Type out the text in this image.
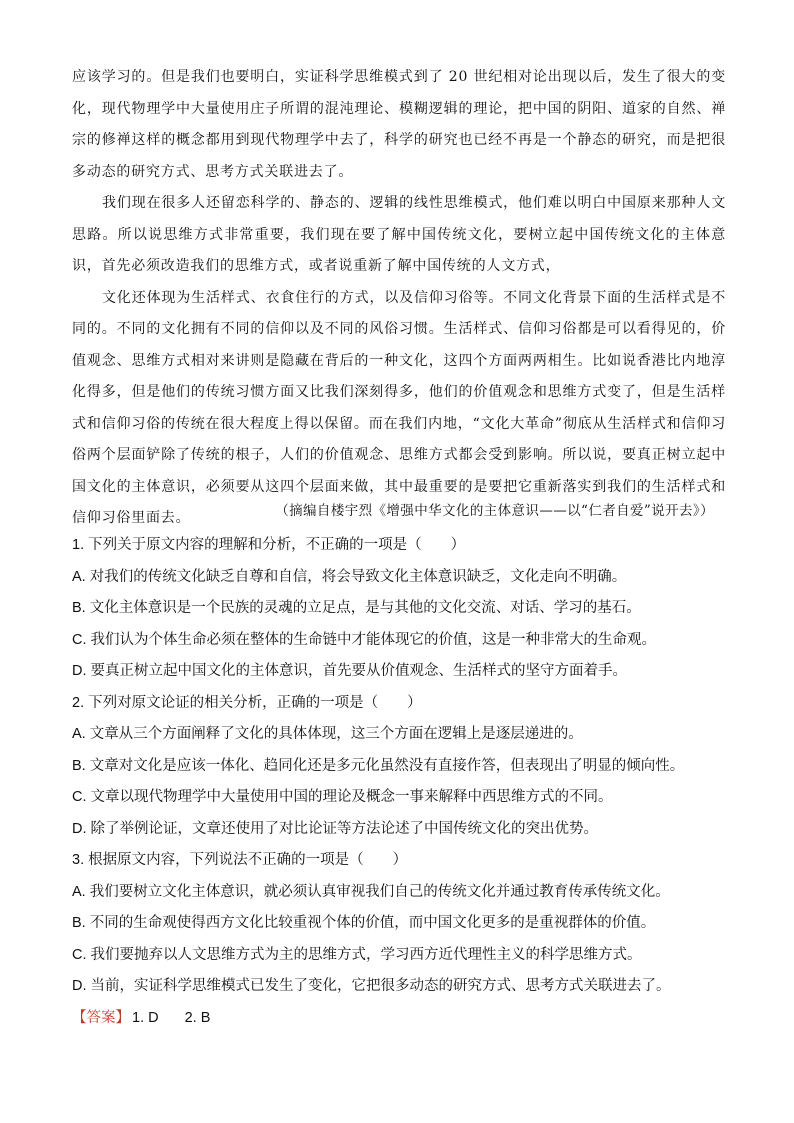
应该学习的。但是我们也要明白，实证科学思维模式到了 20 世纪相对论出现以后，发生了很大的变化，现代物理学中大量使用庄子所谓的混沌理论、模糊逻辑的理论，把中国的阴阳、道家的自然、禅宗的修禅这样的概念都用到现代物理学中去了，科学的研究也已经不再是一个静态的研究，而是把很多动态的研究方式、思考方式关联进去了。

我们现在很多人还留恋科学的、静态的、逻辑的线性思维模式，他们难以明白中国原来那种人文思路。所以说思维方式非常重要，我们现在要了解中国传统文化，要树立起中国传统文化的主体意识，首先必须改造我们的思维方式，或者说重新了解中国传统的人文方式，

文化还体现为生活样式、衣食住行的方式，以及信仰习俗等。不同文化背景下面的生活样式是不同的。不同的文化拥有不同的信仰以及不同的风俗习惯。生活样式、信仰习俗都是可以看得见的，价值观念、思维方式相对来讲则是隐藏在背后的一种文化，这四个方面两两相生。比如说香港比内地淳化得多，但是他们的传统习惯方面又比我们深刻得多，他们的价值观念和思维方式变了，但是生活样式和信仰习俗的传统在很大程度上得以保留。而在我们内地，“文化大革命”彻底从生活样式和信仰习俗两个层面铲除了传统的根子，人们的价值观念、思维方式都会受到影响。所以说，要真正树立起中国文化的主体意识，必须要从这四个层面来做，其中最重要的是要把它重新落实到我们的生活样式和信仰习俗里面去。	（摘编自楼宇烈《增强中华文化的主体意识——以“仁者自爱”说开去》）
1. 下列关于原文内容的理解和分析，不正确的一项是（　　）
A. 对我们的传统文化缺乏自尊和自信，将会导致文化主体意识缺乏，文化走向不明确。
B. 文化主体意识是一个民族的灵魂的立足点，是与其他的文化交流、对话、学习的基石。
C. 我们认为个体生命必须在整体的生命链中才能体现它的价值，这是一种非常大的生命观。
D. 要真正树立起中国文化的主体意识，首先要从价值观念、生活样式的坚守方面着手。
2. 下列对原文论证的相关分析，正确的一项是（　　）
A. 文章从三个方面阐释了文化的具体体现，这三个方面在逻辑上是逐层递进的。
B. 文章对文化是应该一体化、趋同化还是多元化虽然没有直接作答，但表现出了明显的倾向性。
C. 文章以现代物理学中大量使用中国的理论及概念一事来解释中西思维方式的不同。
D. 除了举例论证，文章还使用了对比论证等方法论述了中国传统文化的突出优势。
3. 根据原文内容，下列说法不正确的一项是（　　）
A. 我们要树立文化主体意识，就必须认真审视我们自己的传统文化并通过教育传承传统文化。
B. 不同的生命观使得西方文化比较重视个体的价值，而中国文化更多的是重视群体的价值。
C. 我们要抛弃以人文思维方式为主的思维方式，学习西方近代理性主义的科学思维方式。
D. 当前，实证科学思维模式已发生了变化，它把很多动态的研究方式、思考方式关联进去了。
【答案】 1. D 2. B
